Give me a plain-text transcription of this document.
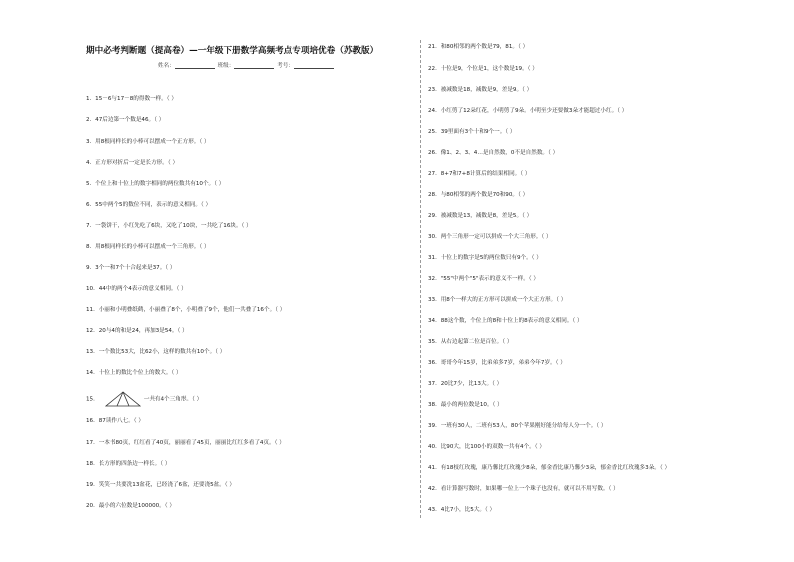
期中必考判断题（提高卷）—一年级下册数学高频考点专项培优卷（苏教版）
姓名：	班级：	考号：
1．15－6与17－8的得数一样。（ ）
2．47后边第一个数是46。（ ）
3．用8根同样长的小棒可以摆成一个正方形。（ ）
4．正方形对折后一定是长方形。（ ）
5．个位上和十位上的数字相同的两位数共有10个。（ ）
6．55中两个5的数位不同，表示的意义相同。（ ）
7．一袋饼干，小红先吃了6块，又吃了10块，一共吃了16块。（ ）
8．用8根同样长的小棒可以摆成一个三角形。（ ）
9．3个一和7个十合起来是37。（ ）
10．44中的两个4表示的意义相同。（ ）
11．小丽和小明叠纸鹤，小丽叠了8个，小明叠了9个，他们一共叠了16个。（ ）
12．20与4的和是24，再加3是54。（ ）
13．一个数比53大，比62小，这样的数共有10个。（ ）
14．十位上的数比个位上的数大。（ ）
15．	一共有4个三角形。（ ）
16．87读作八七。（ ）
17．一本书80页，红红看了40页，丽丽看了45页，丽丽比红红多看了4页。（ ）
18．长方形的四条边一样长。（ ）
19．笑笑一共要洗13盆花，已经浇了6盆，还要浇5盆。（ ）
20．最小的六位数是100000。（ ）
21．和80相邻的两个数是79，81。（ ）
22．十位是9，个位是1，这个数是19。（ ）
23．被减数是18，减数是9，差是9。（ ）
24．小红剪了12朵红花，小明剪了9朵。小明至少还要做3朵才能超过小红。（ ）
25．39里面有3个十和9个一。（ ）
26．像1、2、3、4…是自然数，0不是自然数。（ ）
27．8+7和7+8计算后的结果相同。（ ）
28．与80相邻的两个数是70和90。（ ）
29．被减数是13，减数是8，差是5。（ ）
30．两个三角形一定可以拼成一个大三角形。（ ）
31．十位上的数字是5的两位数只有9个。（ ）
32．"55"中两个"5"表示的意义不一样。（ ）
33．用8个一样大的正方形可以拼成一个大正方形。（ ）
34．88这个数，个位上的8和十位上的8表示的意义相同。（ ）
35．从右边起第二位是百位。（ ）
36．哥哥今年15岁，比弟弟多7岁，弟弟今年7岁。（ ）
37．20比7少，比13大。（ ）
38．最小的两位数是10。（ ）
39．一班有30人，二班有53人，80个苹果刚好能分给每人分一个。（ ）
40．比90大，比100小的双数一共有4个。（ ）
41．有18枝红玫瑰，康乃馨比红玫瑰少8朵，郁金香比康乃馨少3朵，郁金香比红玫瑰多3朵。（ ）
42．看计算器写数时，如果哪一位上一个珠子也没有，就可以不用写数。（ ）
43．4比7小，比5大。（ ）
